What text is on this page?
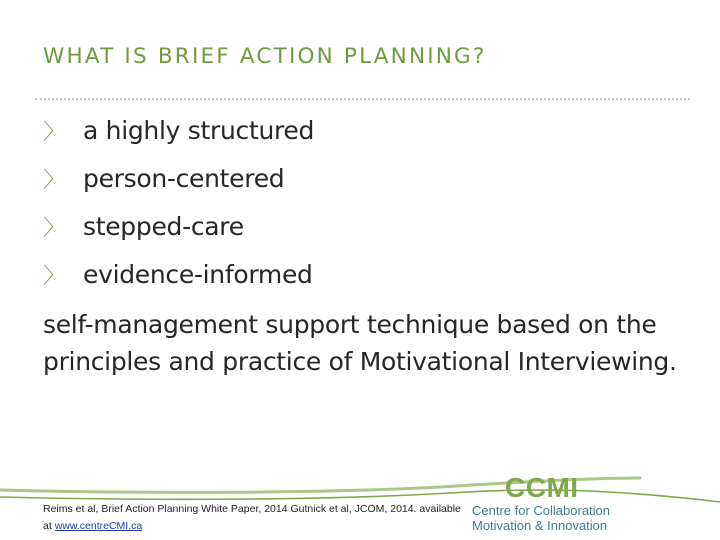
WHAT IS BRIEF ACTION PLANNING?
〉 a highly structured
〉 person-centered
〉 stepped-care
〉 evidence-informed

self-management support technique based on the principles and practice of Motivational Interviewing.

Reims et al, Brief Action Planning White Paper, 2014 Gutnick et al, JCOM, 2014. available at www.centreCMI.ca

CCMI
Centre for Collaboration
Motivation & Innovation
